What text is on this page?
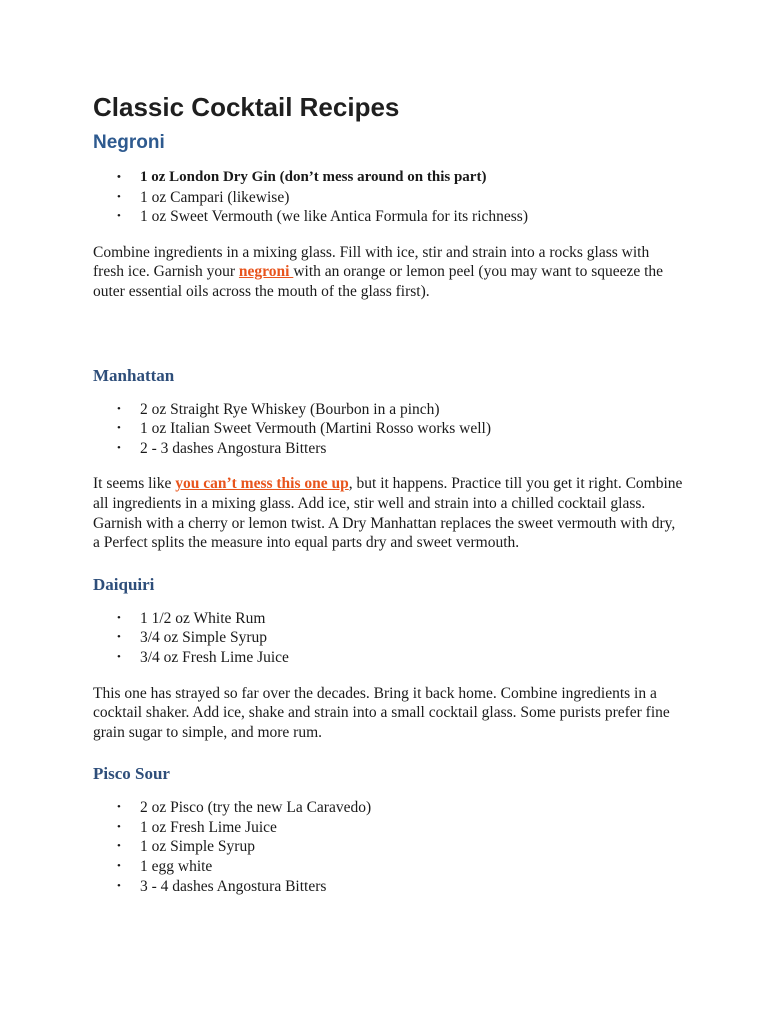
Classic Cocktail Recipes
Negroni
• 1 oz London Dry Gin (don’t mess around on this part)
• 1 oz Campari (likewise)
• 1 oz Sweet Vermouth (we like Antica Formula for its richness)

Combine ingredients in a mixing glass. Fill with ice, stir and strain into a rocks glass with fresh ice. Garnish your negroni with an orange or lemon peel (you may want to squeeze the outer essential oils across the mouth of the glass first).

Manhattan
• 2 oz Straight Rye Whiskey (Bourbon in a pinch)
• 1 oz Italian Sweet Vermouth (Martini Rosso works well)
• 2 - 3 dashes Angostura Bitters

It seems like you can’t mess this one up, but it happens. Practice till you get it right. Combine all ingredients in a mixing glass. Add ice, stir well and strain into a chilled cocktail glass. Garnish with a cherry or lemon twist. A Dry Manhattan replaces the sweet vermouth with dry, a Perfect splits the measure into equal parts dry and sweet vermouth.

Daiquiri
• 1 1/2 oz White Rum
• 3/4 oz Simple Syrup
• 3/4 oz Fresh Lime Juice

This one has strayed so far over the decades. Bring it back home. Combine ingredients in a cocktail shaker. Add ice, shake and strain into a small cocktail glass. Some purists prefer fine grain sugar to simple, and more rum.

Pisco Sour
• 2 oz Pisco (try the new La Caravedo)
• 1 oz Fresh Lime Juice
• 1 oz Simple Syrup
• 1 egg white
• 3 - 4 dashes Angostura Bitters
